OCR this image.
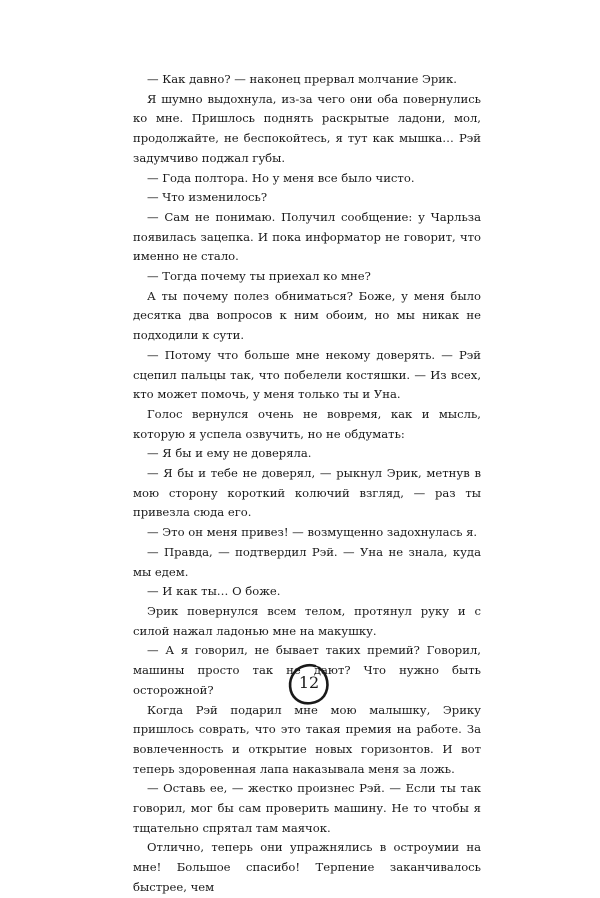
— Как давно? — наконец прервал молчание Эрик.

Я шумно выдохнула, из-за чего они оба повернулись ко мне. Пришлось поднять раскрытые ладони, мол, продолжайте, не беспокойтесь, я тут как мышка… Рэй задумчиво поджал губы.

— Года полтора. Но у меня все было чисто.

— Что изменилось?

— Сам не понимаю. Получил сообщение: у Чарльза появилась зацепка. И пока информатор не говорит, что именно не стало.

— Тогда почему ты приехал ко мне?

А ты почему полез обниматься? Боже, у меня было десятка два вопросов к ним обоим, но мы никак не подходили к сути.

— Потому что больше мне некому доверять. — Рэй сцепил пальцы так, что побелели костяшки. — Из всех, кто может помочь, у меня только ты и Уна.

Голос вернулся очень не вовремя, как и мысль, которую я успела озвучить, но не обдумать:

— Я бы и ему не доверяла.

— Я бы и тебе не доверял, — рыкнул Эрик, метнув в мою сторону короткий колючий взгляд, — раз ты привезла сюда его.

— Это он меня привез! — возмущенно задохнулась я.

— Правда, — подтвердил Рэй. — Уна не знала, куда мы едем.

— И как ты… О боже.

Эрик повернулся всем телом, протянул руку и с силой нажал ладонью мне на макушку.

— А я говорил, не бывает таких премий? Говорил, машины просто так не дают? Что нужно быть осторожной?

Когда Рэй подарил мне мою малышку, Эрику пришлось соврать, что это такая премия на работе. За вовлеченность и открытие новых горизонтов. И вот теперь здоровенная лапа наказывала меня за ложь.

— Оставь ее, — жестко произнес Рэй. — Если ты так говорил, мог бы сам проверить машину. Не то чтобы я тщательно спрятал там маячок.

Отлично, теперь они упражнялись в остроумии на мне! Большое спасибо! Терпение заканчивалось быстрее, чем

12
